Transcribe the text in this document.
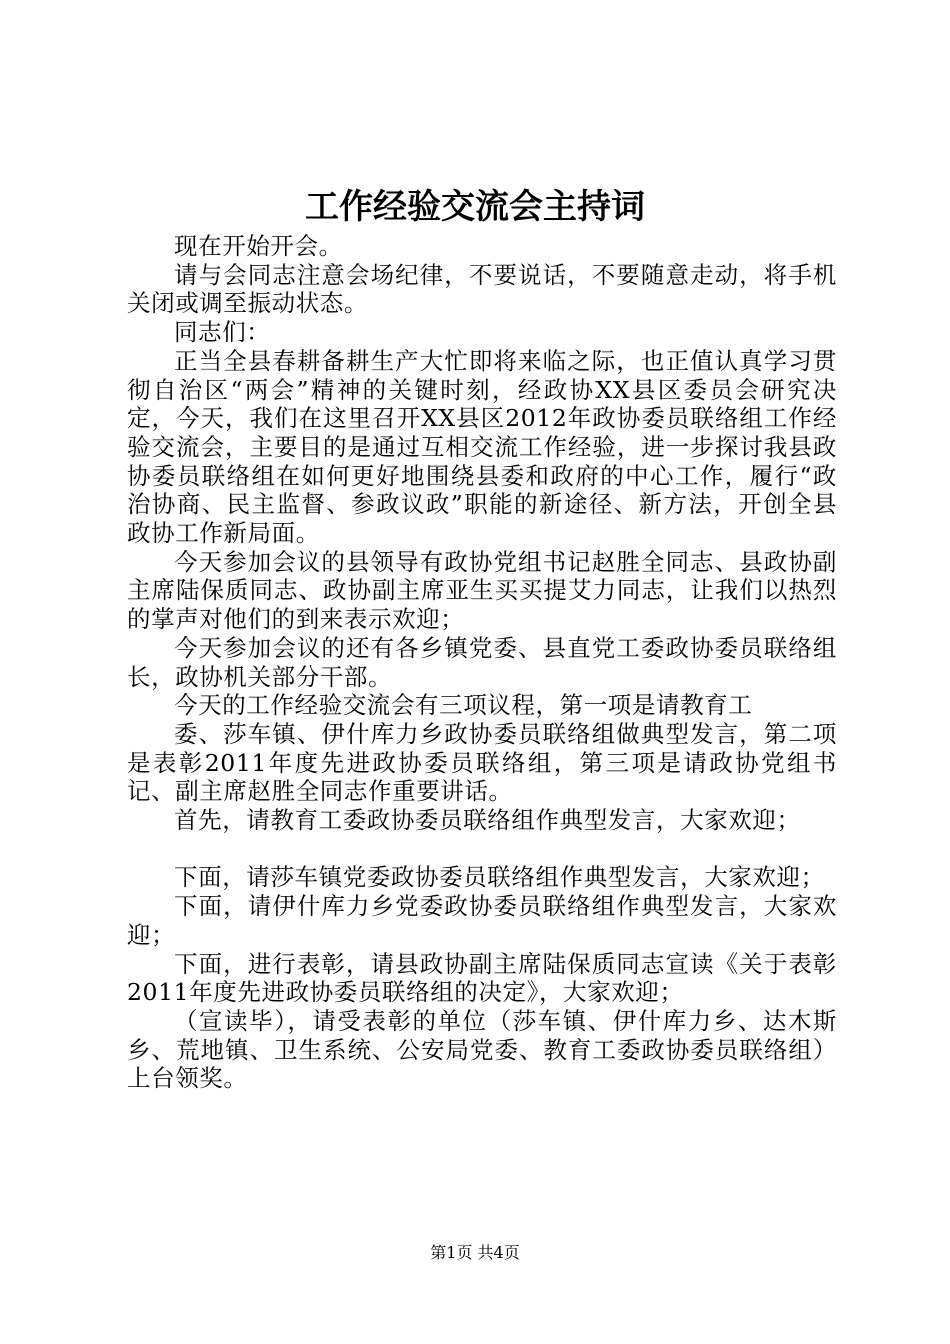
工作经验交流会主持词

现在开始开会。

请与会同志注意会场纪律，不要说话，不要随意走动，将手机关闭或调至振动状态。

同志们：

正当全县春耕备耕生产大忙即将来临之际，也正值认真学习贯彻自治区“两会”精神的关键时刻，经政协XX县区委员会研究决定，今天，我们在这里召开XX县区2012年政协委员联络组工作经验交流会，主要目的是通过互相交流工作经验，进一步探讨我县政协委员联络组在如何更好地围绕县委和政府的中心工作，履行“政治协商、民主监督、参政议政”职能的新途径、新方法，开创全县政协工作新局面。

今天参加会议的县领导有政协党组书记赵胜全同志、县政协副主席陆保质同志、政协副主席亚生买买提艾力同志，让我们以热烈的掌声对他们的到来表示欢迎；

今天参加会议的还有各乡镇党委、县直党工委政协委员联络组长，政协机关部分干部。

今天的工作经验交流会有三项议程，第一项是请教育工

委、莎车镇、伊什库力乡政协委员联络组做典型发言，第二项是表彰2011年度先进政协委员联络组，第三项是请政协党组书记、副主席赵胜全同志作重要讲话。

首先，请教育工委政协委员联络组作典型发言，大家欢迎；

下面，请莎车镇党委政协委员联络组作典型发言，大家欢迎；

下面，请伊什库力乡党委政协委员联络组作典型发言，大家欢迎；

下面，进行表彰，请县政协副主席陆保质同志宣读《关于表彰2011年度先进政协委员联络组的决定》，大家欢迎；

（宣读毕），请受表彰的单位（莎车镇、伊什库力乡、达木斯乡、荒地镇、卫生系统、公安局党委、教育工委政协委员联络组）上台领奖。

第1页 共4页
